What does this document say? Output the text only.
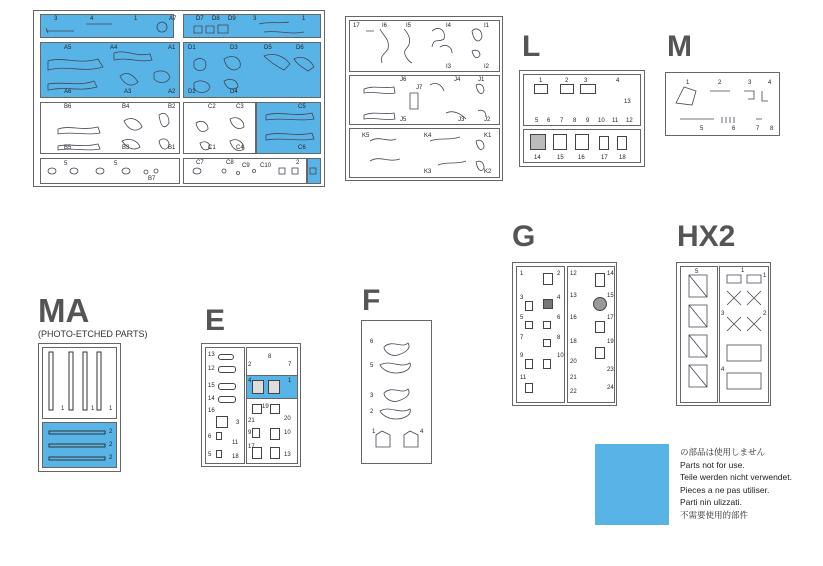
3	4	1	A7	D7 D8 D9	3	1
A5	A4	A1 D1	D3	D5	D6
A6	A3	A2 D2	D4
B6	B4	B2	C2	C3	C5
B5	B3	B1	C1	C4	C6
5	5
B7
C7	C8 C9 C10	2
17	I6	I5	I4	I1
I3	I2
J6	J4	J1
J7
J5	J3	J2
K5	K4	K1
K3	K2
L
1	2	3	4
13
5 6 7 8 9 10 11 12
14	15 16	17 18
M
1	2	3	4
5	6	7 8
MA
(PHOTO-ETCHED PARTS)
1	1 1
2
2
2
E
13
12
15
14
16
3
6
11
5	18
2
8
7
4	1
19
20
21
9	10
17
13
F
6
5
3
2
1	4
G
1	2
3	4
5	6
7	8
9	10
11
12
13
14
15
16	17
18	19
20
21
22
23
24
HX2
5	1
1
3	2
4
の部品は使用しません
Parts not for use.
Teile werden nicht verwendet.
Pieces a ne pas utiliser.
Parti nin ulizzati.
不需要使用的部件
